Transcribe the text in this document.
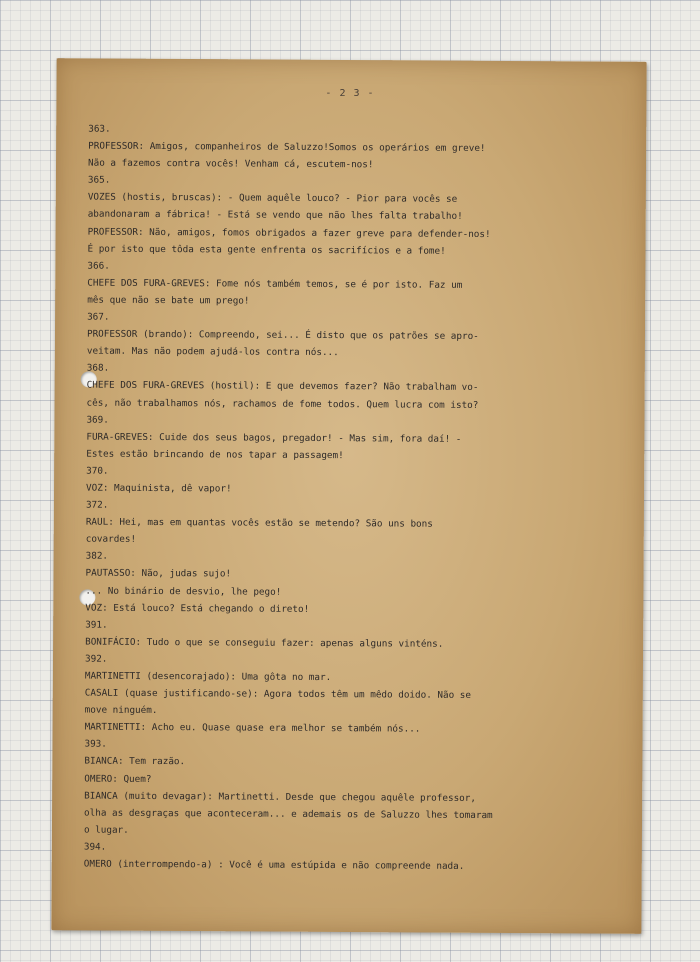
- 2 3 -
363.
PROFESSOR: Amigos, companheiros de Saluzzo!Somos os operários em greve!
Não a fazemos contra vocês! Venham cá, escutem-nos!
365.
VOZES (hostis, bruscas): - Quem aquêle louco? - Pior para vocês se
abandonaram a fábrica! - Está se vendo que não lhes falta trabalho!
PROFESSOR: Não, amigos, fomos obrigados a fazer greve para defender-nos!
É por isto que tôda esta gente enfrenta os sacrifícios e a fome!
366.
CHEFE DOS FURA-GREVES: Fome nós também temos, se é por isto. Faz um
mês que não se bate um prego!
367.
PROFESSOR (brando): Compreendo, sei... É disto que os patrões se apro-
veitam. Mas não podem ajudá-los contra nós...
368.
CHEFE DOS FURA-GREVES (hostil): E que devemos fazer? Não trabalham vo-
cês, não trabalhamos nós, rachamos de fome todos. Quem lucra com isto?
369.
FURA-GREVES: Cuide dos seus bagos, pregador! - Mas sim, fora daí! -
Estes estão brincando de nos tapar a passagem!
370.
VOZ: Maquinista, dê vapor!
372.
RAUL: Hei, mas em quantas vocês estão se metendo? São uns bons
covardes!
382.
PAUTASSO: Não, judas sujo!
... No binário de desvio, lhe pego!
VOZ: Está louco? Está chegando o direto!
391.
BONIFÁCIO: Tudo o que se conseguiu fazer: apenas alguns vinténs.
392.
MARTINETTI (desencorajado): Uma gôta no mar.
CASALI (quase justificando-se): Agora todos têm um mêdo doido. Não se
move ninguém.
MARTINETTI: Acho eu. Quase quase era melhor se também nós...
393.
BIANCA: Tem razão.
OMERO: Quem?
BIANCA (muito devagar): Martinetti. Desde que chegou aquêle professor,
olha as desgraças que aconteceram... e ademais os de Saluzzo lhes tomaram
o lugar.
394.
OMERO (interrompendo-a) : Você é uma estúpida e não compreende nada.
